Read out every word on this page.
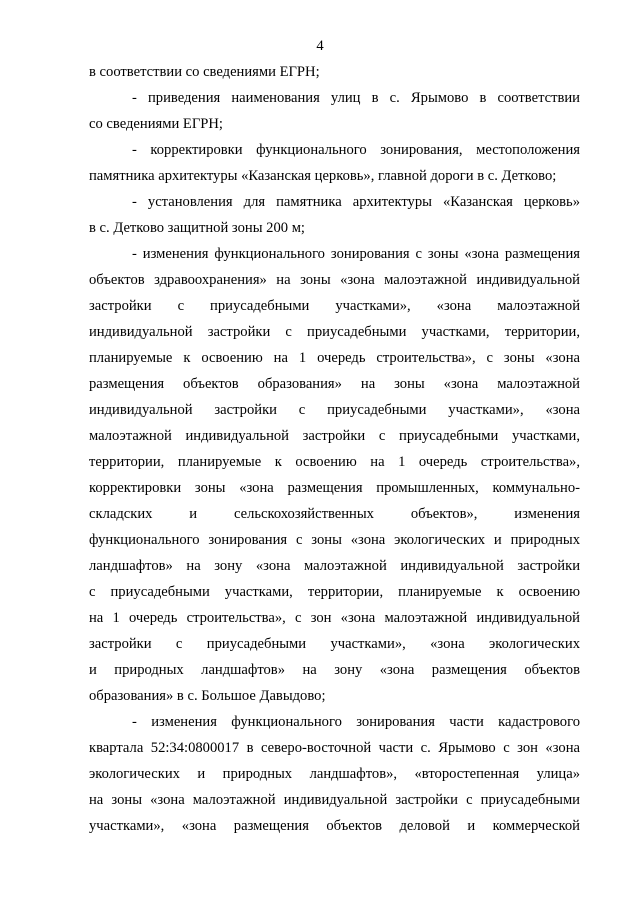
4
в соответствии со сведениями ЕГРН;
- приведения наименования улиц в с. Ярымово в соответствии
со сведениями ЕГРН;
- корректировки функционального зонирования, местоположения
памятника архитектуры «Казанская церковь», главной дороги в с. Детково;
- установления для памятника архитектуры «Казанская церковь»
в с. Детково защитной зоны 200 м;
- изменения функционального зонирования с зоны «зона размещения
объектов здравоохранения» на зоны «зона малоэтажной индивидуальной
застройки с приусадебными участками», «зона малоэтажной
индивидуальной застройки с приусадебными участками, территории,
планируемые к освоению на 1 очередь строительства», с зоны «зона
размещения объектов образования» на зоны «зона малоэтажной
индивидуальной застройки с приусадебными участками», «зона
малоэтажной индивидуальной застройки с приусадебными участками,
территории, планируемые к освоению на 1 очередь строительства»,
корректировки зоны «зона размещения промышленных, коммунально-
складских и сельскохозяйственных объектов», изменения
функционального зонирования с зоны «зона экологических и природных
ландшафтов» на зону «зона малоэтажной индивидуальной застройки
с приусадебными участками, территории, планируемые к освоению
на 1 очередь строительства», с зон «зона малоэтажной индивидуальной
застройки с приусадебными участками», «зона экологических
и природных ландшафтов» на зону «зона размещения объектов
образования» в с. Большое Давыдово;
- изменения функционального зонирования части кадастрового
квартала 52:34:0800017 в северо-восточной части с. Ярымово с зон «зона
экологических и природных ландшафтов», «второстепенная улица»
на зоны «зона малоэтажной индивидуальной застройки с приусадебными
участками», «зона размещения объектов деловой и коммерческой
